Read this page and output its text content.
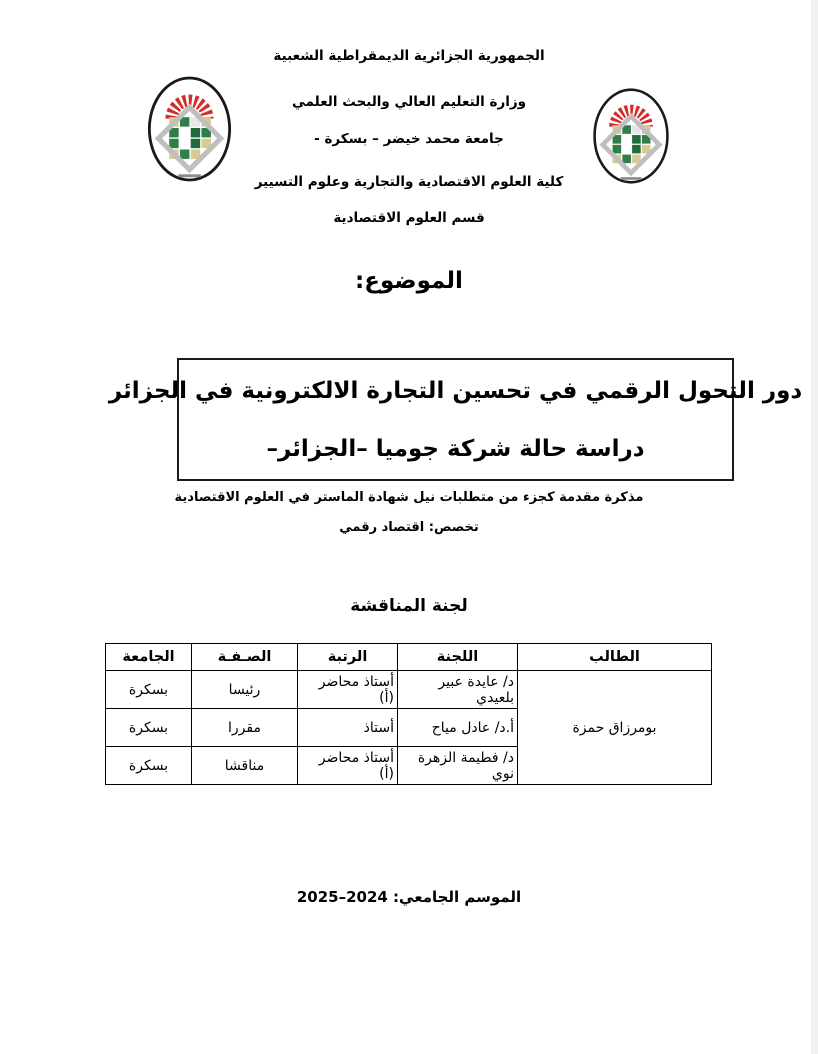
الجمهورية الجزائرية الديمقراطية الشعبية
وزارة التعليم العالي والبحث العلمي
جامعة محمد خيضر – بسكرة -
كلية العلوم الاقتصادية والتجارية وعلوم التسيير
قسم العلوم الاقتصادية
الموضوع:
دور التحول الرقمي في تحسين التجارة الالكترونية في الجزائر
دراسة حالة شركة جوميا –الجزائر–
مذكرة مقدمة كجزء من متطلبات نيل شهادة الماستر في العلوم الاقتصادية
تخصص: اقتصاد رقمي
لجنة المناقشة
الطالب	اللجنة	الرتبة	الصـفـة	الجامعة
بومرزاق حمزة	د/ عايدة عبير بلعيدي	أستاذ محاضر (أ)	رئيسا	بسكرة
	أ.د/ عادل مياح	أستاذ	مقررا	بسكرة
	د/ فطيمة الزهرة نوي	أستاذ محاضر (أ)	مناقشا	بسكرة
الموسم الجامعي: 2024–2025
